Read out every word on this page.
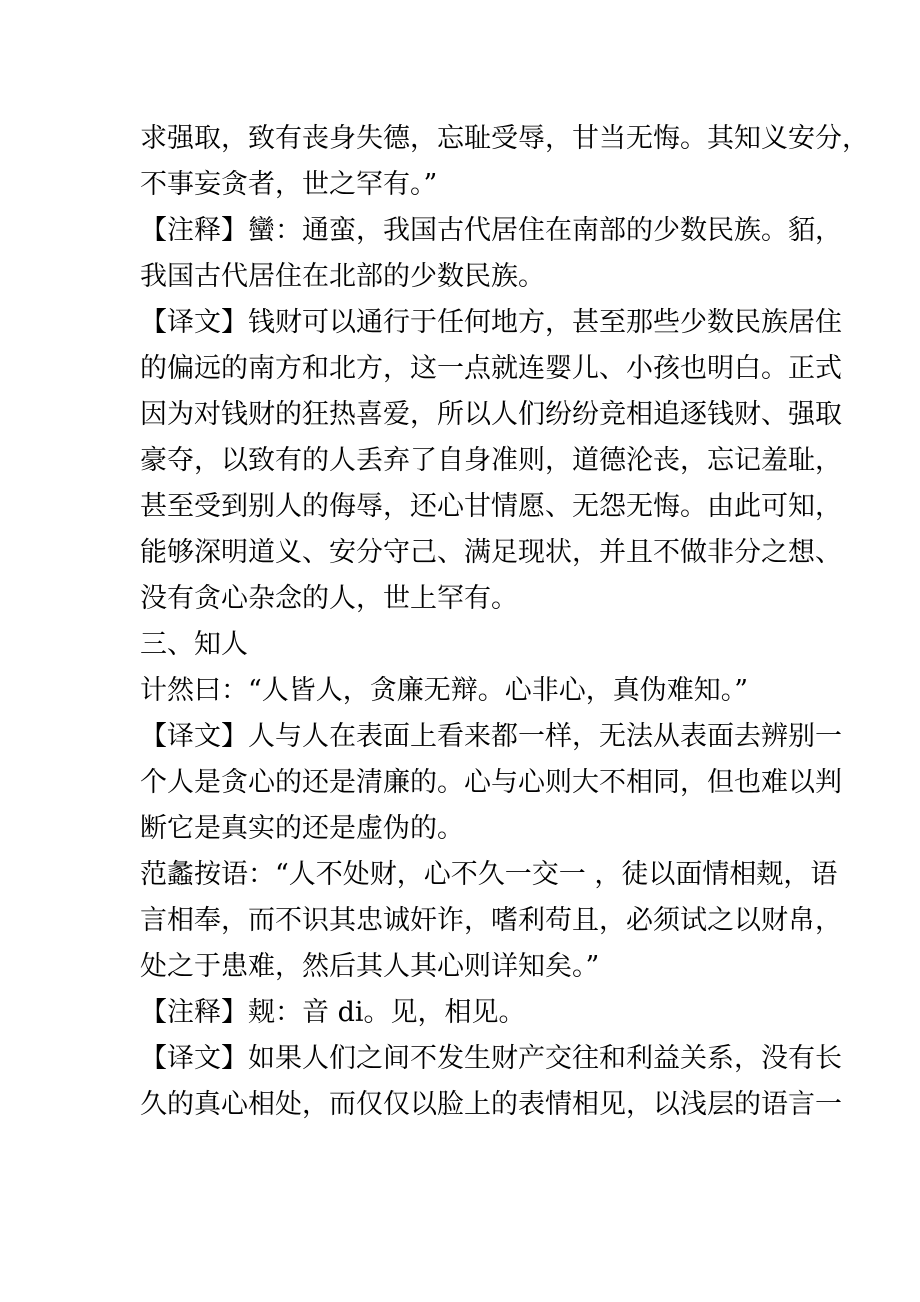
求强取，致有丧身失德，忘耻受辱，甘当无悔。其知义安分，

不事妄贪者，世之罕有。”

【注释】蠻：通蛮，我国古代居住在南部的少数民族。貊，

我国古代居住在北部的少数民族。

【译文】钱财可以通行于任何地方，甚至那些少数民族居住

的偏远的南方和北方，这一点就连婴儿、小孩也明白。正式

因为对钱财的狂热喜爱，所以人们纷纷竞相追逐钱财、强取

豪夺，以致有的人丢弃了自身准则，道德沦丧，忘记羞耻，

甚至受到别人的侮辱，还心甘情愿、无怨无悔。由此可知，

能够深明道义、安分守己、满足现状，并且不做非分之想、

没有贪心杂念的人，世上罕有。

三、知人

计然曰：“人皆人，贪廉无辩。心非心，真伪难知。”

【译文】人与人在表面上看来都一样，无法从表面去辨别一

个人是贪心的还是清廉的。心与心则大不相同，但也难以判

断它是真实的还是虚伪的。

范蠡按语：“人不处财，心不久一交一 ，徒以面情相觌，语

言相奉，而不识其忠诚奸诈，嗜利苟且，必须试之以财帛，

处之于患难，然后其人其心则详知矣。”

【注释】觌：音 di。见，相见。

【译文】如果人们之间不发生财产交往和利益关系，没有长

久的真心相处，而仅仅以脸上的表情相见，以浅层的语言一
